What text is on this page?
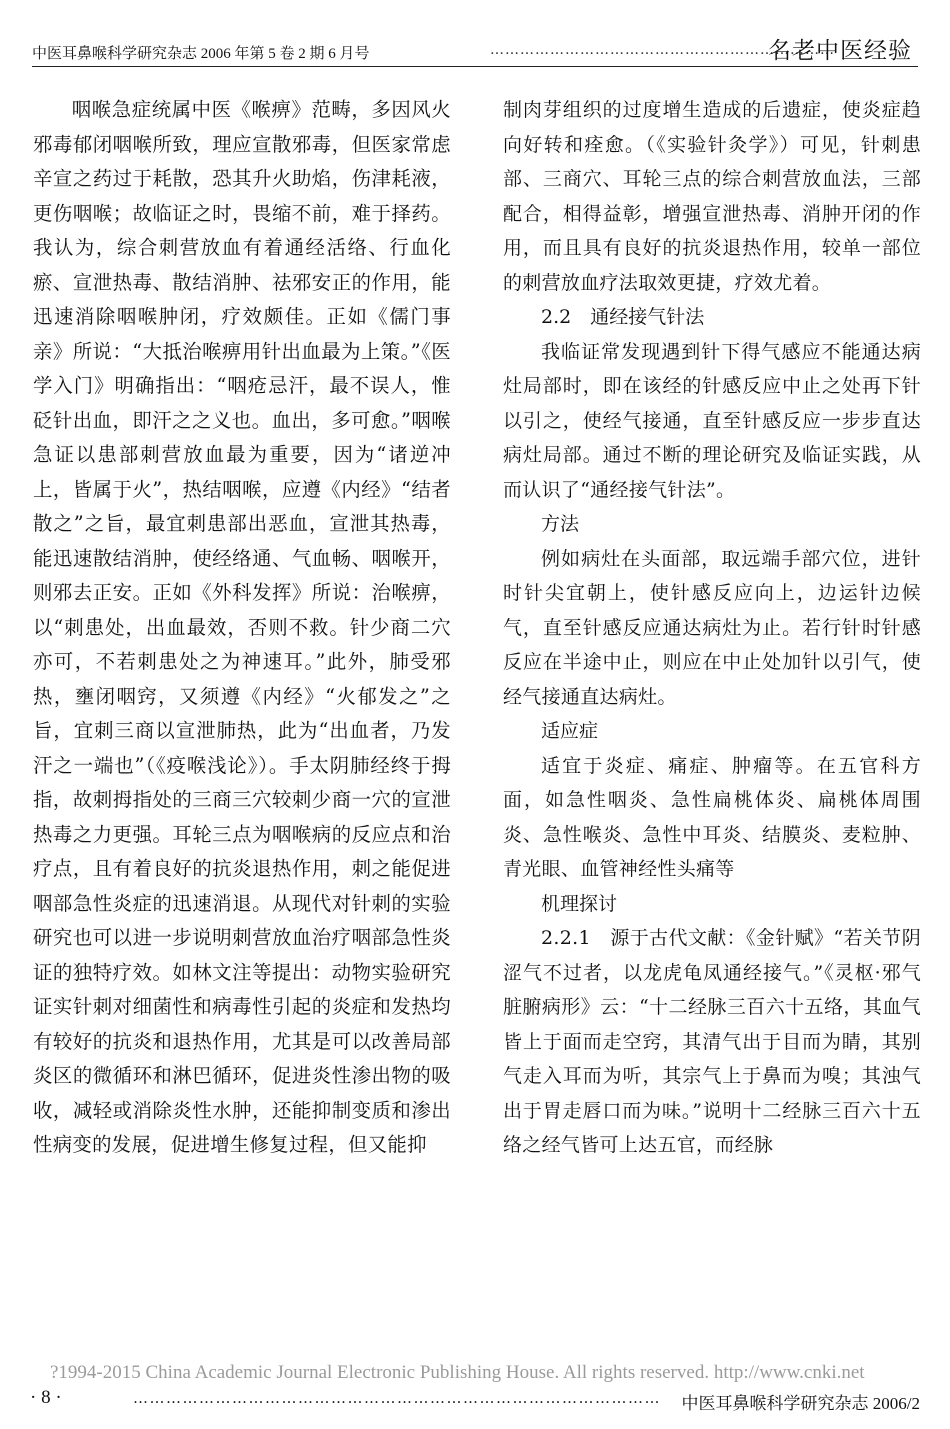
中医耳鼻喉科学研究杂志 2006 年第 5 卷 2 期 6 月号	……………………………………………………………
名老中医经验

咽喉急症统属中医《喉痹》范畴，多因风火邪毒郁闭咽喉所致，理应宣散邪毒，但医家常虑辛宣之药过于耗散，恐其升火助焰，伤津耗液，更伤咽喉；故临证之时，畏缩不前，难于择药。我认为，综合刺营放血有着通经活络、行血化瘀、宣泄热毒、散结消肿、祛邪安正的作用，能迅速消除咽喉肿闭，疗效颇佳。正如《儒门事亲》所说：“大抵治喉痹用针出血最为上策。”《医学入门》明确指出：“咽疮忌汗，最不误人，惟砭针出血，即汗之之义也。血出，多可愈。”咽喉急证以患部刺营放血最为重要，因为“诸逆冲上，皆属于火”，热结咽喉，应遵《内经》“结者散之”之旨，最宜刺患部出恶血，宣泄其热毒，能迅速散结消肿，使经络通、气血畅、咽喉开，则邪去正安。正如《外科发挥》所说：治喉痹，以“刺患处，出血最效，否则不救。针少商二穴亦可，不若刺患处之为神速耳。”此外，肺受邪热，壅闭咽窍，又须遵《内经》“火郁发之”之旨，宜刺三商以宣泄肺热，此为“出血者，乃发汗之一端也”（《疫喉浅论》）。手太阴肺经终于拇指，故刺拇指处的三商三穴较刺少商一穴的宣泄热毒之力更强。耳轮三点为咽喉病的反应点和治疗点，且有着良好的抗炎退热作用，刺之能促进咽部急性炎症的迅速消退。从现代对针刺的实验研究也可以进一步说明刺营放血治疗咽部急性炎证的独特疗效。如林文注等提出：动物实验研究证实针刺对细菌性和病毒性引起的炎症和发热均有较好的抗炎和退热作用，尤其是可以改善局部炎区的微循环和淋巴循环，促进炎性渗出物的吸收，减轻或消除炎性水肿，还能抑制变质和渗出性病变的发展，促进增生修复过程，但又能抑

制肉芽组织的过度增生造成的后遗症，使炎症趋向好转和痊愈。（《实验针灸学》）可见，针刺患部、三商穴、耳轮三点的综合刺营放血法，三部配合，相得益彰，增强宣泄热毒、消肿开闭的作用，而且具有良好的抗炎退热作用，较单一部位的刺营放血疗法取效更捷，疗效尤着。

2.2　通经接气针法

我临证常发现遇到针下得气感应不能通达病灶局部时，即在该经的针感反应中止之处再下针以引之，使经气接通，直至针感反应一步步直达病灶局部。通过不断的理论研究及临证实践，从而认识了“通经接气针法”。

方法

例如病灶在头面部，取远端手部穴位，进针时针尖宜朝上，使针感反应向上，边运针边候气，直至针感反应通达病灶为止。若行针时针感反应在半途中止，则应在中止处加针以引气，使经气接通直达病灶。

适应症

适宜于炎症、痛症、肿瘤等。在五官科方面，如急性咽炎、急性扁桃体炎、扁桃体周围炎、急性喉炎、急性中耳炎、结膜炎、麦粒肿、青光眼、血管神经性头痛等

机理探讨

2.2.1　源于古代文献：《金针赋》“若关节阴涩气不过者，以龙虎龟凤通经接气。”《灵枢·邪气脏腑病形》云：“十二经脉三百六十五络，其血气皆上于面而走空窍，其清气出于目而为睛，其别气走入耳而为听，其宗气上于鼻而为嗅；其浊气出于胃走唇口而为味。”说明十二经脉三百六十五络之经气皆可上达五官，而经脉

?1994-2015 China Academic Journal Electronic Publishing House. All rights reserved. http://www.cnki.net
· 8 ·	…………………………………………………………………………………… 中医耳鼻喉科学研究杂志 2006/2
